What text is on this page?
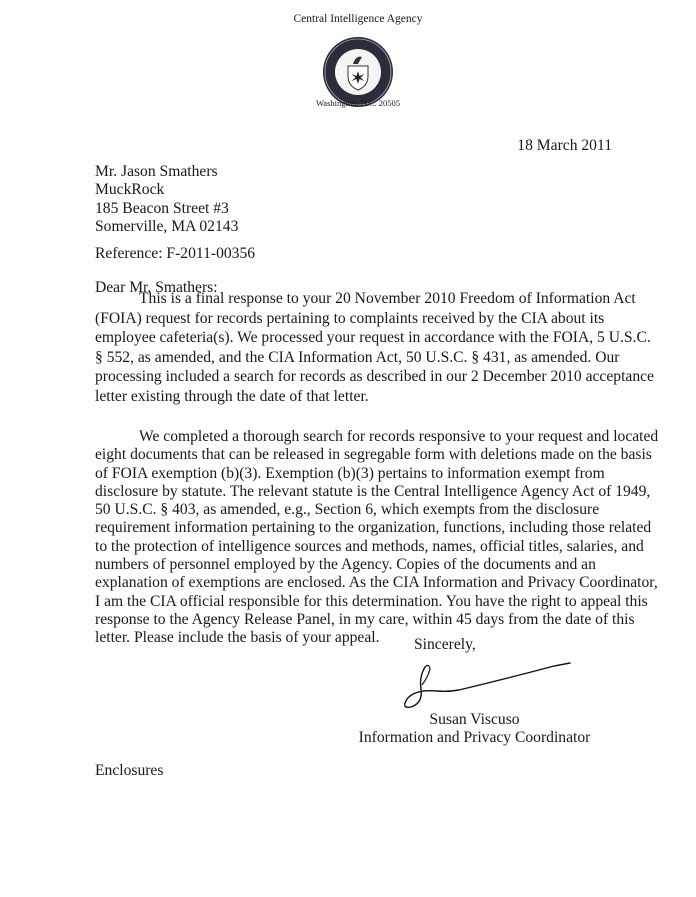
Central Intelligence Agency
Washington, D.C. 20505
18 March 2011
Mr. Jason Smathers
MuckRock
185 Beacon Street #3
Somerville, MA 02143
Reference: F-2011-00356
Dear Mr. Smathers:
This is a final response to your 20 November 2010 Freedom of Information Act
(FOIA) request for records pertaining to complaints received by the CIA about its
employee cafeteria(s). We processed your request in accordance with the FOIA, 5 U.S.C.
§ 552, as amended, and the CIA Information Act, 50 U.S.C. § 431, as amended. Our
processing included a search for records as described in our 2 December 2010 acceptance
letter existing through the date of that letter.
We completed a thorough search for records responsive to your request and located
eight documents that can be released in segregable form with deletions made on the basis
of FOIA exemption (b)(3). Exemption (b)(3) pertains to information exempt from
disclosure by statute. The relevant statute is the Central Intelligence Agency Act of 1949,
50 U.S.C. § 403, as amended, e.g., Section 6, which exempts from the disclosure
requirement information pertaining to the organization, functions, including those related
to the protection of intelligence sources and methods, names, official titles, salaries, and
numbers of personnel employed by the Agency. Copies of the documents and an
explanation of exemptions are enclosed. As the CIA Information and Privacy Coordinator,
I am the CIA official responsible for this determination. You have the right to appeal this
response to the Agency Release Panel, in my care, within 45 days from the date of this
letter. Please include the basis of your appeal.	Sincerely,
Susan Viscuso
Information and Privacy Coordinator
Enclosures
